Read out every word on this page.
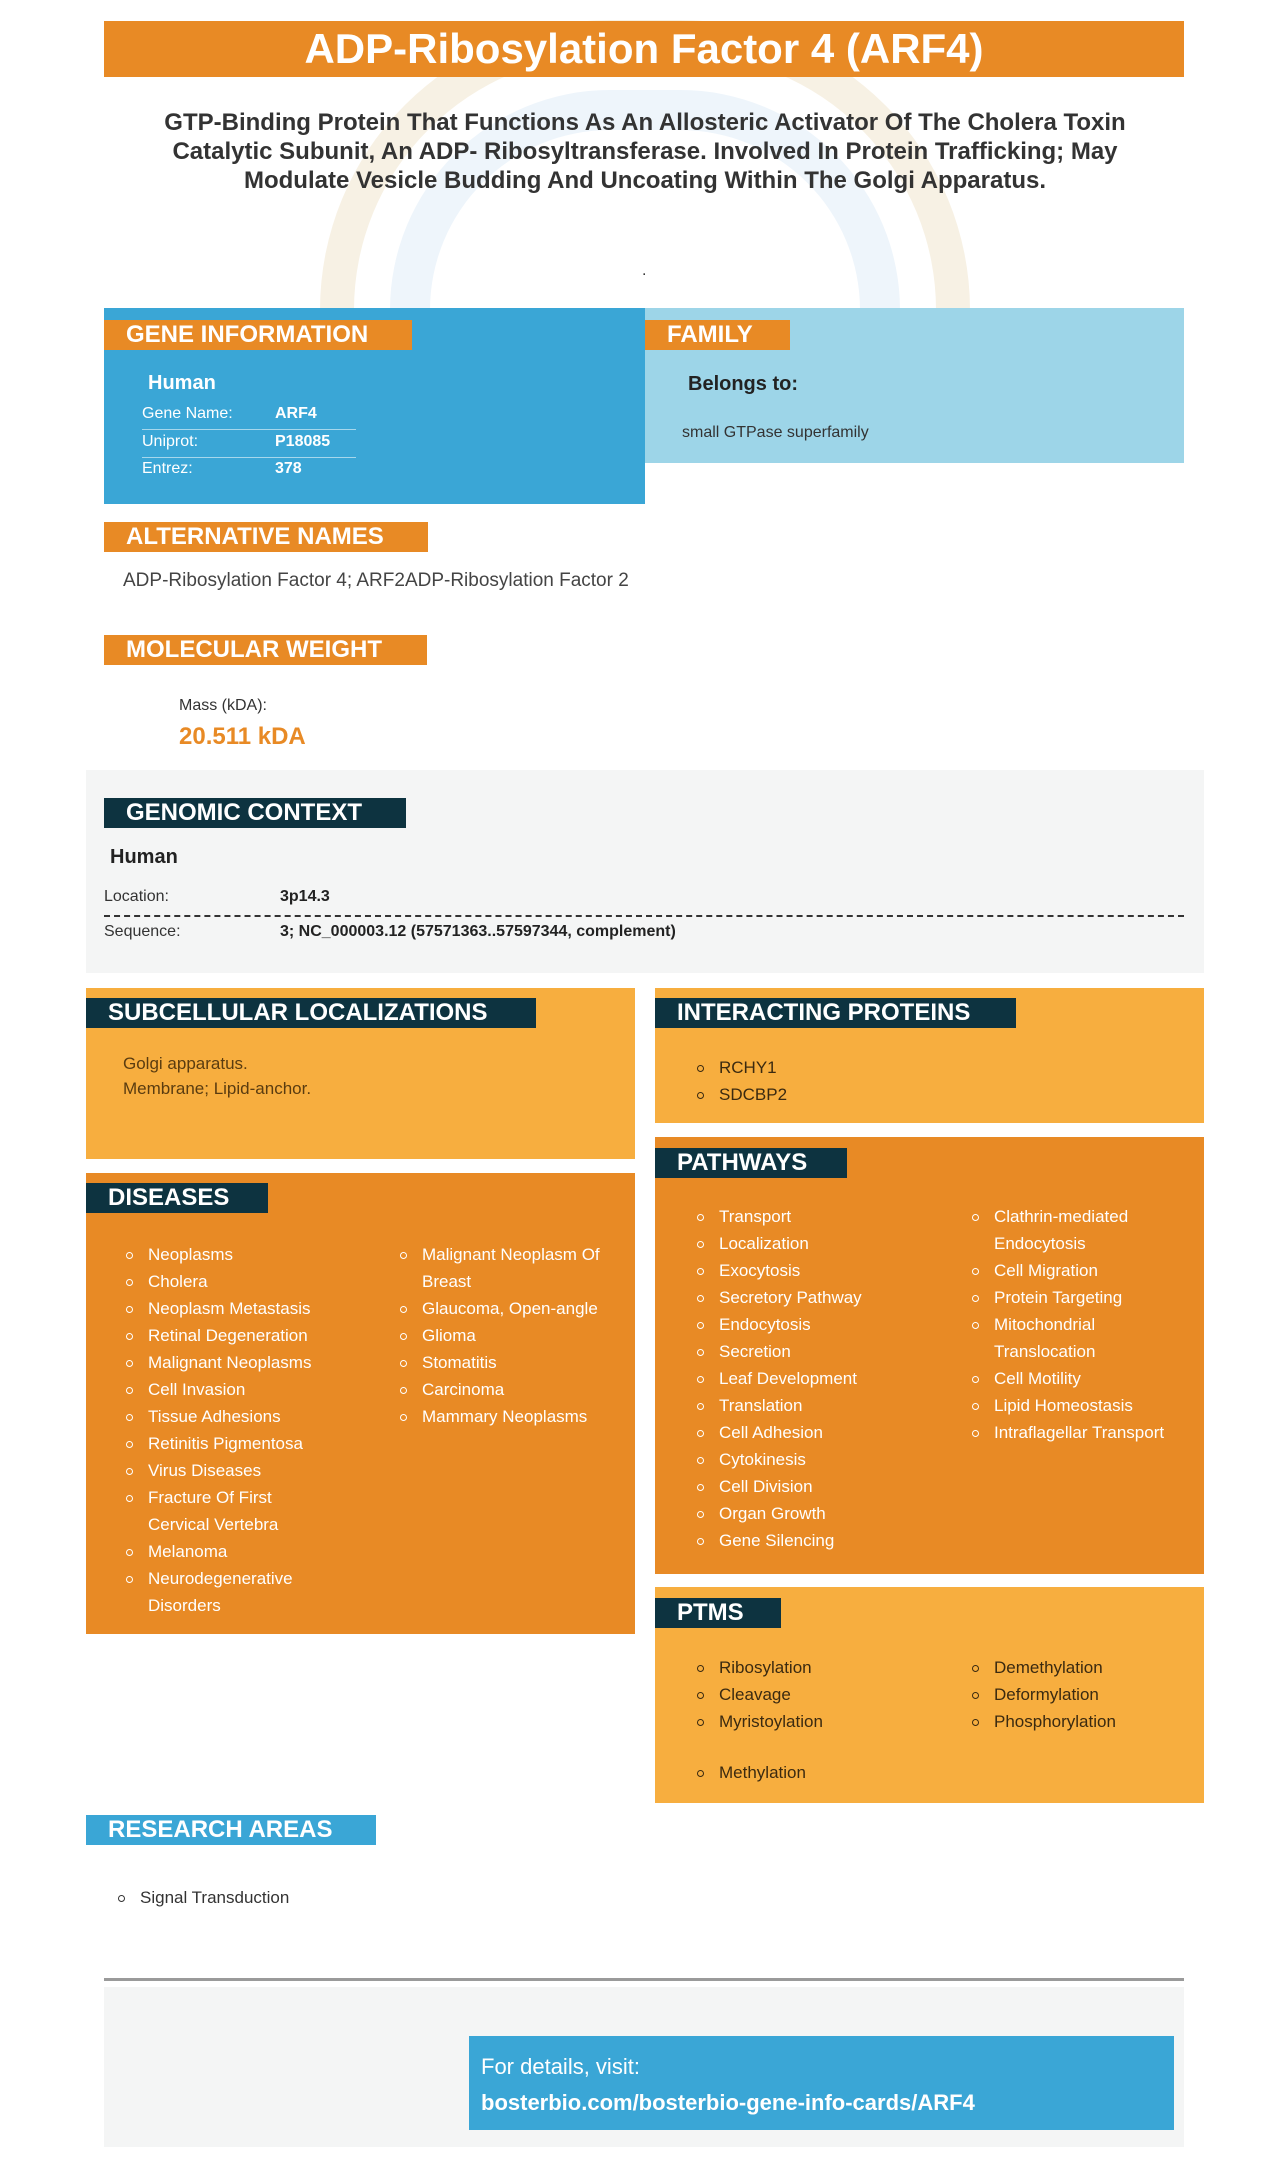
ADP-Ribosylation Factor 4 (ARF4)
GTP-Binding Protein That Functions As An Allosteric Activator Of The Cholera Toxin Catalytic Subunit, An ADP- Ribosyltransferase. Involved In Protein Trafficking; May Modulate Vesicle Budding And Uncoating Within The Golgi Apparatus.
.
GENE INFORMATION
Human
Gene Name:	ARF4
Uniprot:	P18085
Entrez:	378
FAMILY
Belongs to:
small GTPase superfamily
ALTERNATIVE NAMES
ADP-Ribosylation Factor 4; ARF2ADP-Ribosylation Factor 2
MOLECULAR WEIGHT
Mass (kDA):
20.511 kDA
GENOMIC CONTEXT
Human
Location:	3p14.3
Sequence:	3; NC_000003.12 (57571363..57597344, complement)
SUBCELLULAR LOCALIZATIONS
Golgi apparatus.
Membrane; Lipid-anchor.
INTERACTING PROTEINS
RCHY1
SDCBP2
DISEASES
Neoplasms
Cholera
Neoplasm Metastasis
Retinal Degeneration
Malignant Neoplasms
Cell Invasion
Tissue Adhesions
Retinitis Pigmentosa
Virus Diseases
Fracture Of First Cervical Vertebra
Melanoma
Neurodegenerative Disorders
Malignant Neoplasm Of Breast
Glaucoma, Open-angle
Glioma
Stomatitis
Carcinoma
Mammary Neoplasms
PATHWAYS
Transport
Localization
Exocytosis
Secretory Pathway
Endocytosis
Secretion
Leaf Development
Translation
Cell Adhesion
Cytokinesis
Cell Division
Organ Growth
Gene Silencing
Clathrin-mediated Endocytosis
Cell Migration
Protein Targeting
Mitochondrial Translocation
Cell Motility
Lipid Homeostasis
Intraflagellar Transport
PTMS
Ribosylation
Cleavage
Myristoylation
Demethylation
Deformylation
Phosphorylation
Methylation
RESEARCH AREAS
Signal Transduction
For details, visit:
bosterbio.com/bosterbio-gene-info-cards/ARF4
